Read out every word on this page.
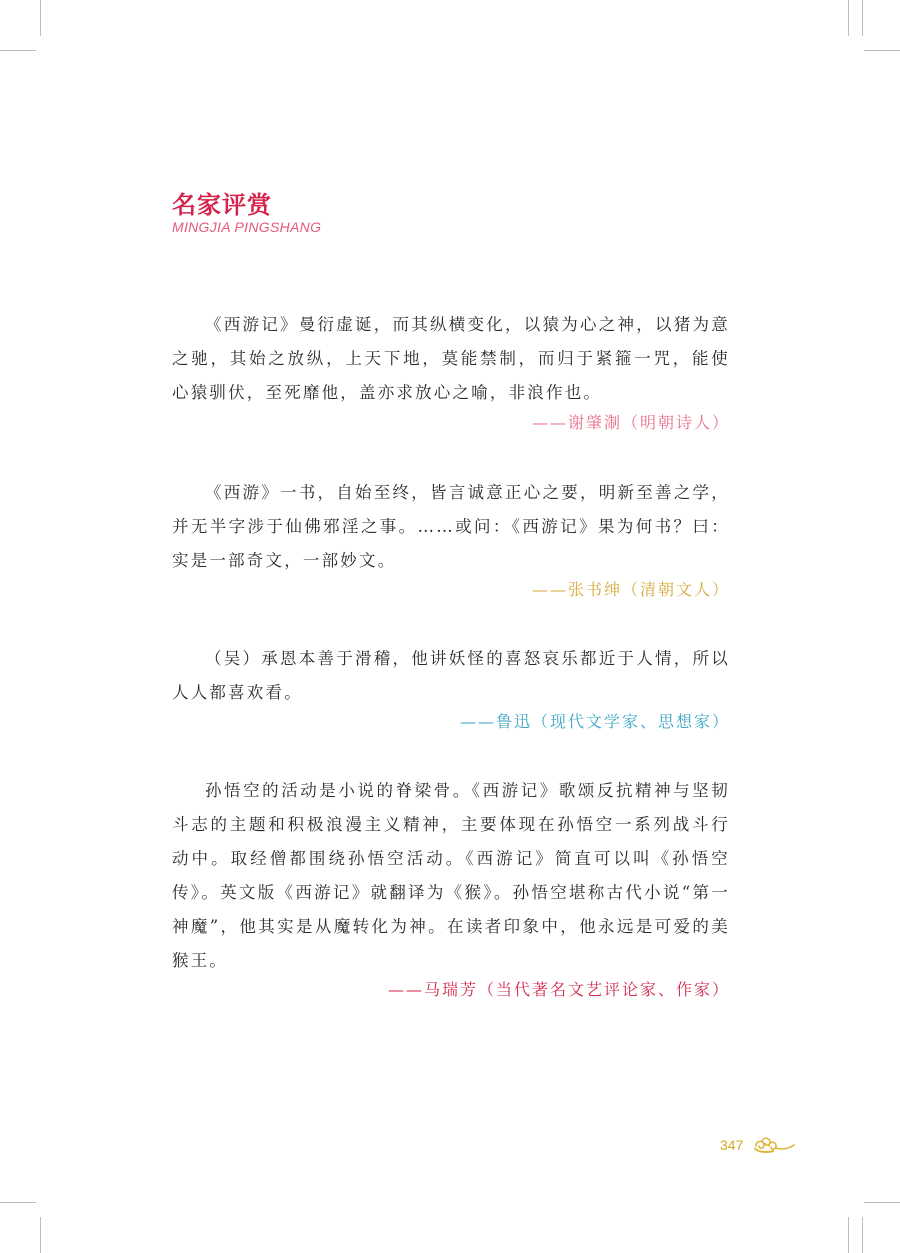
名家评赏
MINGJIA PINGSHANG

《西游记》曼衍虚诞，而其纵横变化，以猿为心之神，以猪为意之驰，其始之放纵，上天下地，莫能禁制，而归于紧箍一咒，能使心猿驯伏，至死靡他，盖亦求放心之喻，非浪作也。

——谢肇淛（明朝诗人）

《西游》一书，自始至终，皆言诚意正心之要，明新至善之学，并无半字涉于仙佛邪淫之事。……或问：《西游记》果为何书？曰：实是一部奇文，一部妙文。

——张书绅（清朝文人）

（吴）承恩本善于滑稽，他讲妖怪的喜怒哀乐都近于人情，所以人人都喜欢看。

——鲁迅（现代文学家、思想家）

孙悟空的活动是小说的脊梁骨。《西游记》歌颂反抗精神与坚韧斗志的主题和积极浪漫主义精神，主要体现在孙悟空一系列战斗行动中。取经僧都围绕孙悟空活动。《西游记》简直可以叫《孙悟空传》。英文版《西游记》就翻译为《猴》。孙悟空堪称古代小说“第一神魔”，他其实是从魔转化为神。在读者印象中，他永远是可爱的美猴王。

——马瑞芳（当代著名文艺评论家、作家）
347
